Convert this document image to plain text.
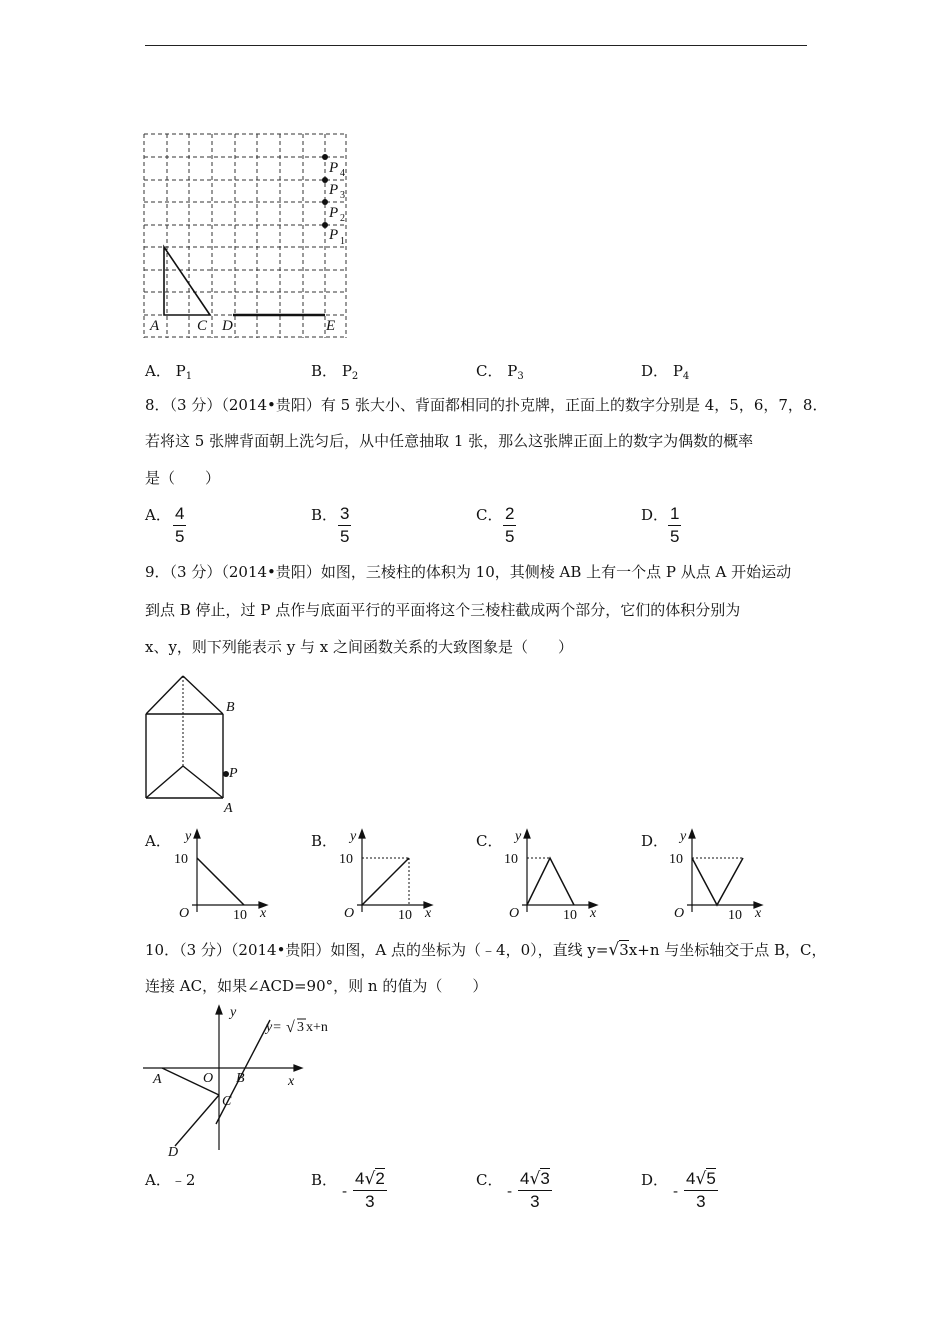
P 4
P 3
P 2
P 1
A	C D	E
A． $P_1$	B． $P_2$	C． $P_3$	D． $P_4$
8．（3 分）（2014•贵阳）有 5 张大小、背面都相同的扑克牌，正面上的数字分别是 4，5，6，7，8．
若将这 5 张牌背面朝上洗匀后，从中任意抽取 1 张，那么这张牌正面上的数字为偶数的概率
是（　　）
A． 4
5
B． 3
5
C． 2
5
D． 1
5
9．（3 分）（2014•贵阳）如图，三棱柱的体积为 10，其侧棱 AB 上有一个点 P 从点 A 开始运动
到点 B 停止，过 P 点作与底面平行的平面将这个三棱柱截成两个部分，它们的体积分别为
x、y，则下列能表示 y 与 x 之间函数关系的大致图象是（　　）
B
P
A
A．	B．	C．	D．
y
10
O	10 x
y
10
O	10 x
y
10
O	10 x
y
10
O	10 x
10．（3 分）（2014•贵阳）如图，A 点的坐标为（﹣4，0），直线 y=√3x+n 与坐标轴交于点 B，C，
连接 AC，如果∠ACD=90°，则 n 的值为（　　）
y
x
O
A	B
C
D
y= √ 3 x+n
A．﹣2	B．
-
4√2
3
C．
-
4√3
3
D．
-
4√5
3
